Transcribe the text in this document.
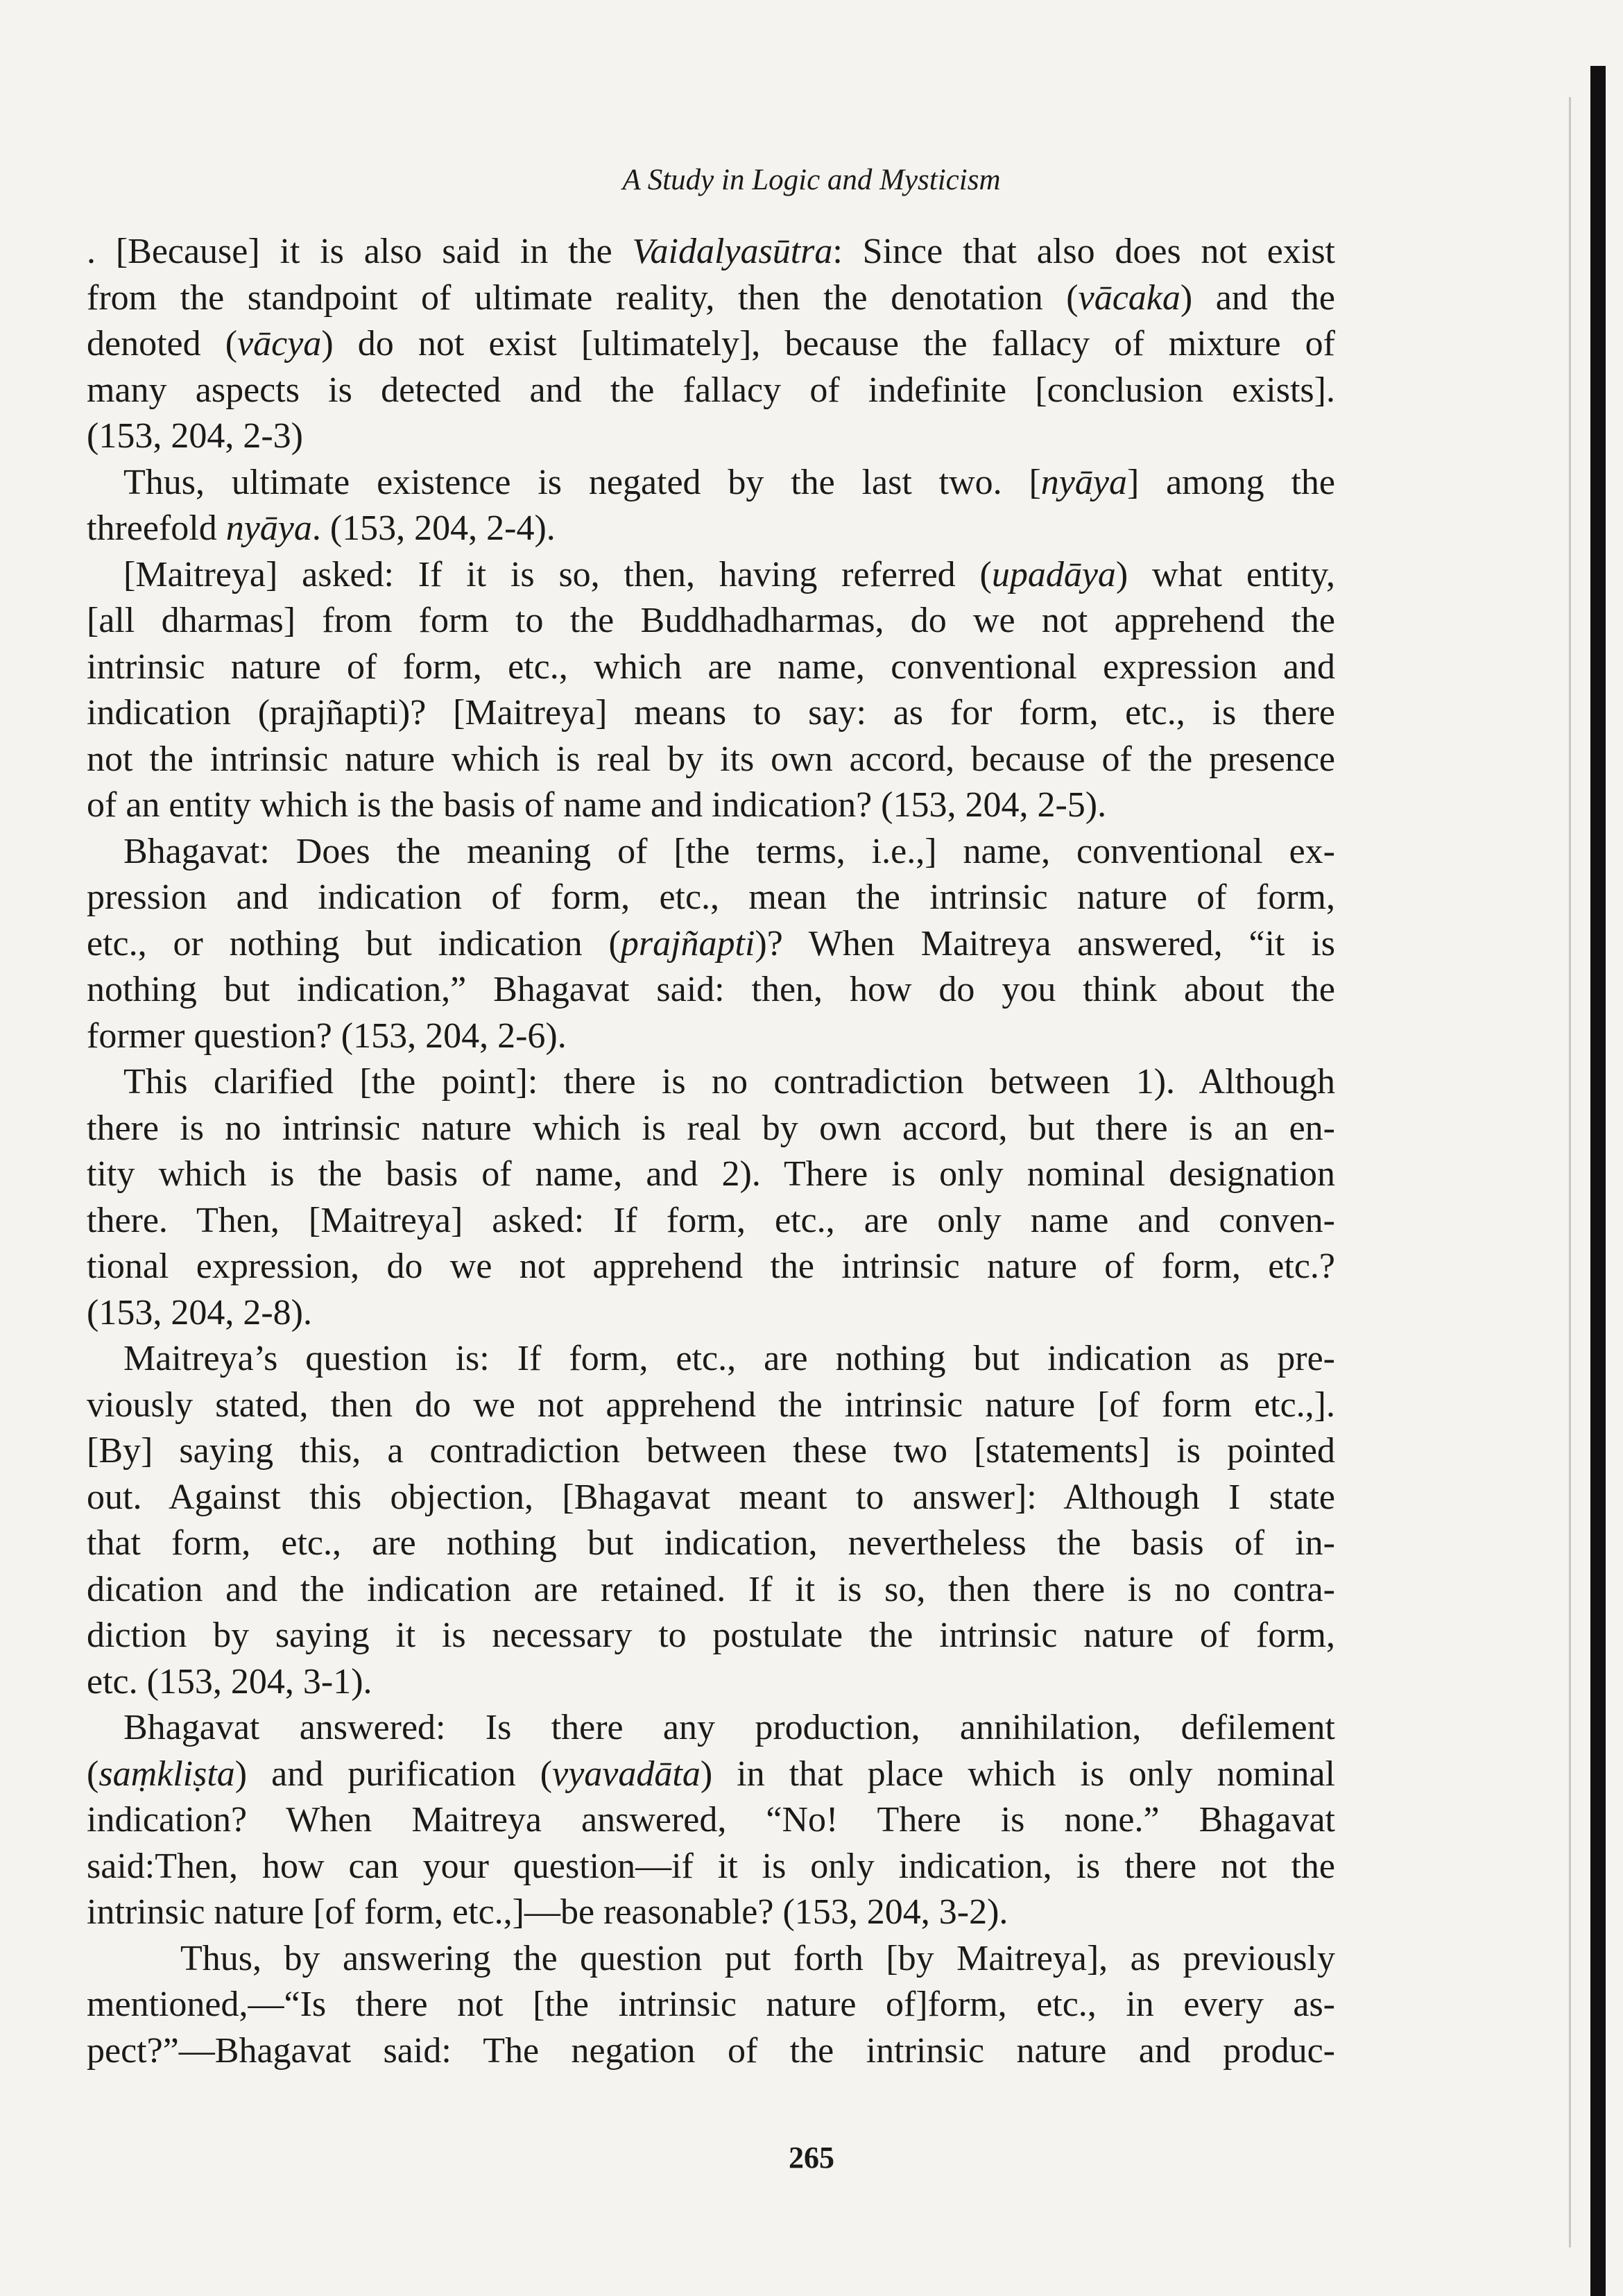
A Study in Logic and Mysticism
. [Because] it is also said in the Vaidalyasūtra: Since that also does not exist
from the standpoint of ultimate reality, then the denotation (vācaka) and the
denoted (vācya) do not exist [ultimately], because the fallacy of mixture of
many aspects is detected and the fallacy of indefinite [conclusion exists].
(153, 204, 2-3)
Thus, ultimate existence is negated by the last two. [nyāya] among the
threefold nyāya. (153, 204, 2-4).
[Maitreya] asked: If it is so, then, having referred (upadāya) what entity,
[all dharmas] from form to the Buddhadharmas, do we not apprehend the
intrinsic nature of form, etc., which are name, conventional expression and
indication (prajñapti)? [Maitreya] means to say: as for form, etc., is there
not the intrinsic nature which is real by its own accord, because of the presence
of an entity which is the basis of name and indication? (153, 204, 2-5).
Bhagavat: Does the meaning of [the terms, i.e.,] name, conventional ex-
pression and indication of form, etc., mean the intrinsic nature of form,
etc., or nothing but indication (prajñapti)? When Maitreya answered, “it is
nothing but indication,” Bhagavat said: then, how do you think about the
former question? (153, 204, 2-6).
This clarified [the point]: there is no contradiction between 1). Although
there is no intrinsic nature which is real by own accord, but there is an en-
tity which is the basis of name, and 2). There is only nominal designation
there. Then, [Maitreya] asked: If form, etc., are only name and conven-
tional expression, do we not apprehend the intrinsic nature of form, etc.?
(153, 204, 2-8).
Maitreya’s question is: If form, etc., are nothing but indication as pre-
viously stated, then do we not apprehend the intrinsic nature [of form etc.,].
[By] saying this, a contradiction between these two [statements] is pointed
out. Against this objection, [Bhagavat meant to answer]: Although I state
that form, etc., are nothing but indication, nevertheless the basis of in-
dication and the indication are retained. If it is so, then there is no contra-
diction by saying it is necessary to postulate the intrinsic nature of form,
etc. (153, 204, 3-1).
Bhagavat answered: Is there any production, annihilation, defilement
(saṃkliṣta) and purification (vyavadāta) in that place which is only nominal
indication? When Maitreya answered, “No! There is none.” Bhagavat
said:Then, how can your question—if it is only indication, is there not the
intrinsic nature [of form, etc.,]—be reasonable? (153, 204, 3-2).
Thus, by answering the question put forth [by Maitreya], as previously
mentioned,—“Is there not [the intrinsic nature of]form, etc., in every as-
pect?”—Bhagavat said: The negation of the intrinsic nature and produc-
265
